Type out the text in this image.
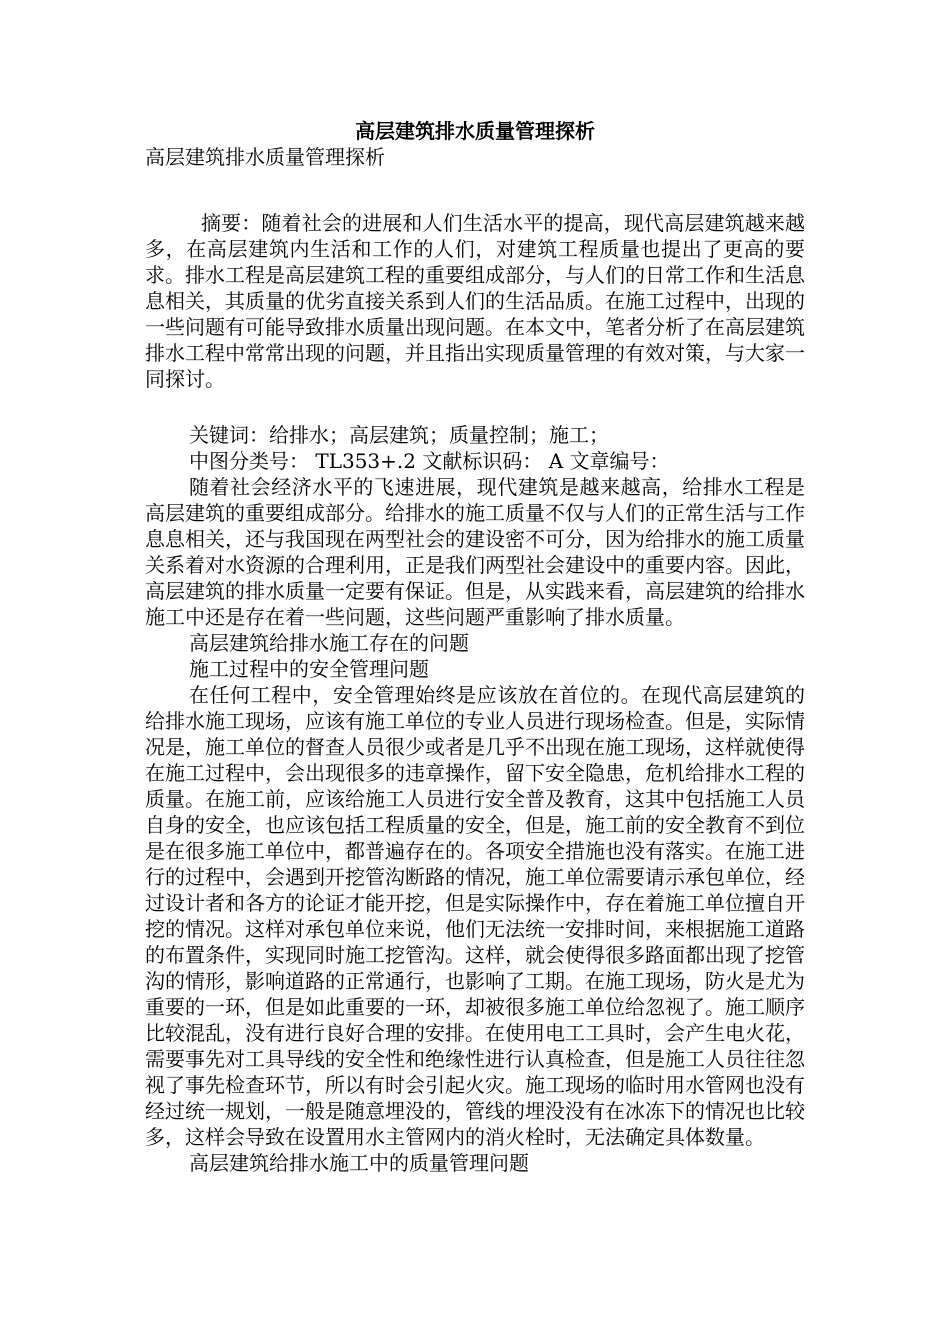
高层建筑排水质量管理探析

高层建筑排水质量管理探析

摘要：随着社会的进展和人们生活水平的提高，现代高层建筑越来越多，在高层建筑内生活和工作的人们，对建筑工程质量也提出了更高的要求。排水工程是高层建筑工程的重要组成部分，与人们的日常工作和生活息息相关，其质量的优劣直接关系到人们的生活品质。在施工过程中，出现的一些问题有可能导致排水质量出现问题。在本文中，笔者分析了在高层建筑排水工程中常常出现的问题，并且指出实现质量管理的有效对策，与大家一同探讨。

关键词：给排水；高层建筑；质量控制；施工；

中图分类号： TL353+.2 文献标识码： A 文章编号：

随着社会经济水平的飞速进展，现代建筑是越来越高，给排水工程是高层建筑的重要组成部分。给排水的施工质量不仅与人们的正常生活与工作息息相关，还与我国现在两型社会的建设密不可分，因为给排水的施工质量关系着对水资源的合理利用，正是我们两型社会建设中的重要内容。因此，高层建筑的排水质量一定要有保证。但是，从实践来看，高层建筑的给排水施工中还是存在着一些问题，这些问题严重影响了排水质量。

高层建筑给排水施工存在的问题

施工过程中的安全管理问题

在任何工程中，安全管理始终是应该放在首位的。在现代高层建筑的给排水施工现场，应该有施工单位的专业人员进行现场检查。但是，实际情况是，施工单位的督查人员很少或者是几乎不出现在施工现场，这样就使得在施工过程中，会出现很多的违章操作，留下安全隐患，危机给排水工程的质量。在施工前，应该给施工人员进行安全普及教育，这其中包括施工人员自身的安全，也应该包括工程质量的安全，但是，施工前的安全教育不到位是在很多施工单位中，都普遍存在的。各项安全措施也没有落实。在施工进行的过程中，会遇到开挖管沟断路的情况，施工单位需要请示承包单位，经过设计者和各方的论证才能开挖，但是实际操作中，存在着施工单位擅自开挖的情况。这样对承包单位来说，他们无法统一安排时间，来根据施工道路的布置条件，实现同时施工挖管沟。这样，就会使得很多路面都出现了挖管沟的情形，影响道路的正常通行，也影响了工期。在施工现场，防火是尤为重要的一环，但是如此重要的一环，却被很多施工单位给忽视了。施工顺序比较混乱，没有进行良好合理的安排。在使用电工工具时，会产生电火花，需要事先对工具导线的安全性和绝缘性进行认真检查，但是施工人员往往忽视了事先检查环节，所以有时会引起火灾。施工现场的临时用水管网也没有经过统一规划，一般是随意埋没的，管线的埋没没有在冰冻下的情况也比较多，这样会导致在设置用水主管网内的消火栓时，无法确定具体数量。

高层建筑给排水施工中的质量管理问题
